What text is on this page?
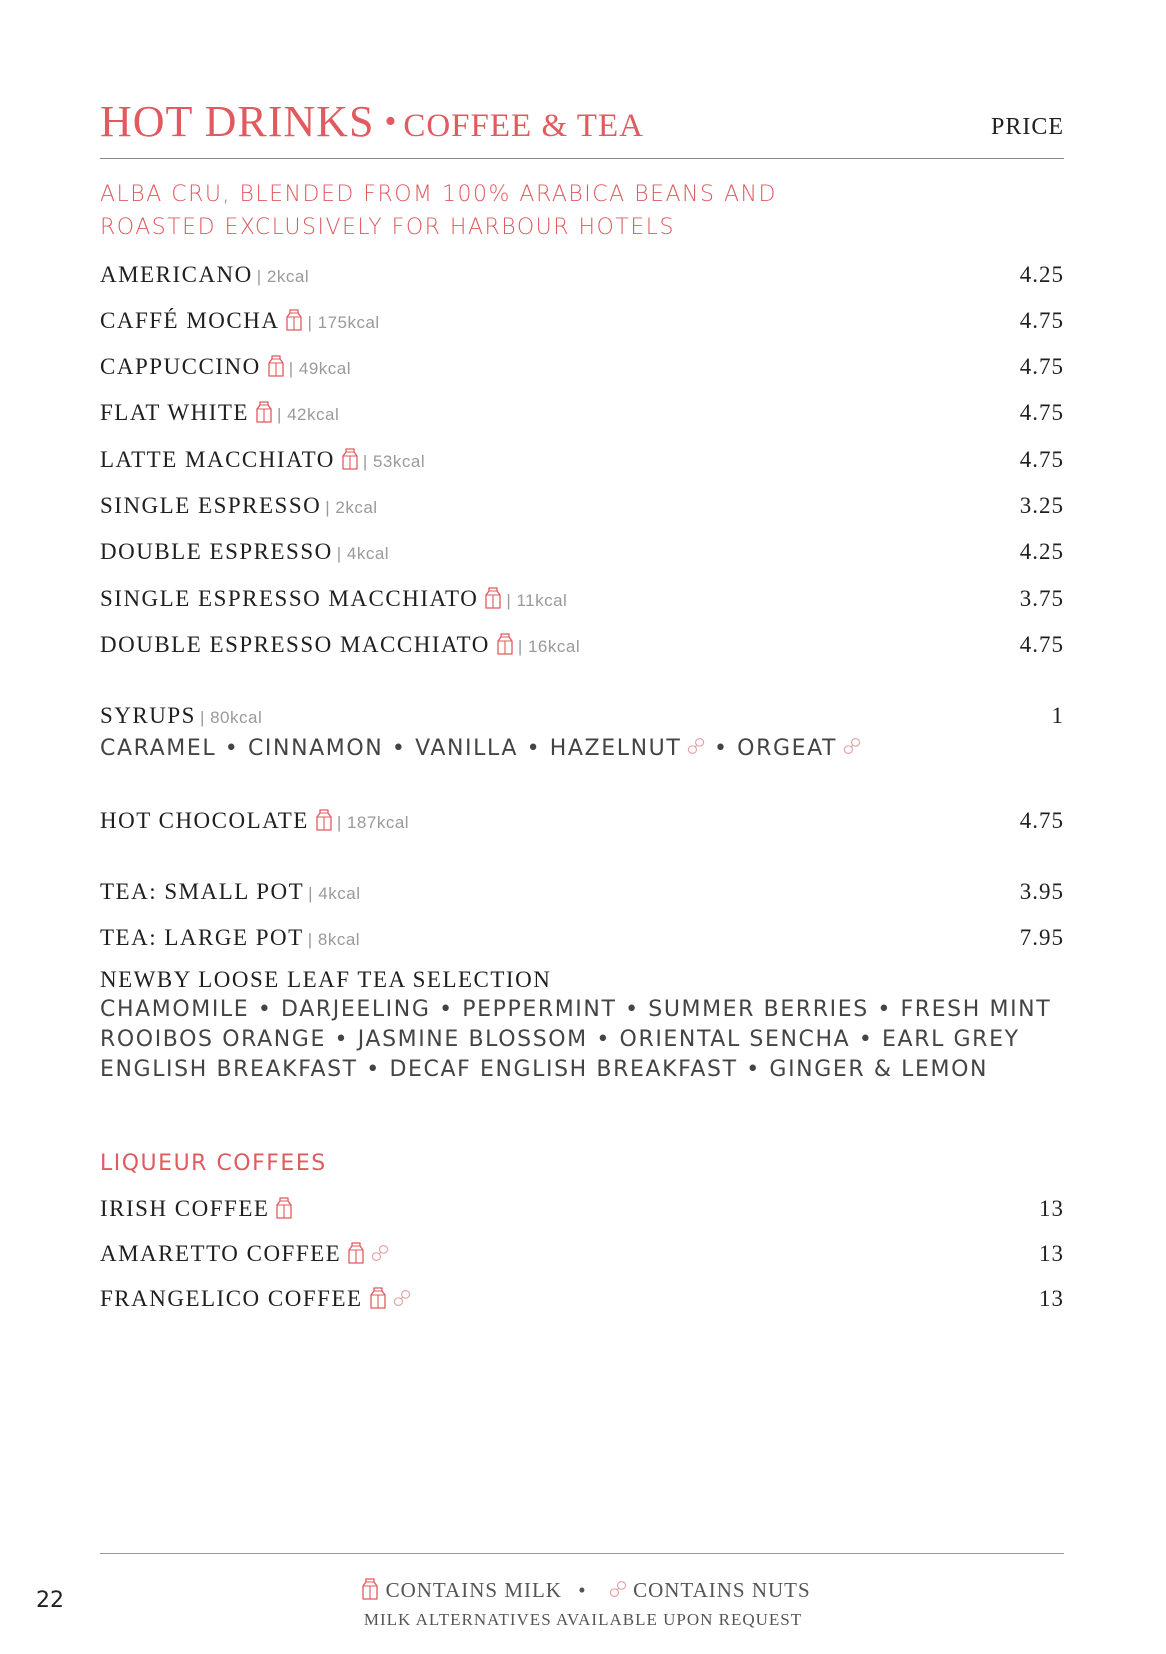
HOT DRINKS • COFFEE & TEA	PRICE
ALBA CRU, BLENDED FROM 100% ARABICA BEANS AND
ROASTED EXCLUSIVELY FOR HARBOUR HOTELS
AMERICANO | 2kcal	4.25
CAFFÉ MOCHA | 175kcal	4.75
CAPPUCCINO | 49kcal	4.75
FLAT WHITE | 42kcal	4.75
LATTE MACCHIATO | 53kcal	4.75
SINGLE ESPRESSO | 2kcal	3.25
DOUBLE ESPRESSO | 4kcal	4.25
SINGLE ESPRESSO MACCHIATO | 11kcal	3.75
DOUBLE ESPRESSO MACCHIATO | 16kcal	4.75
SYRUPS | 80kcal	1
CARAMEL • CINNAMON • VANILLA • HAZELNUT • ORGEAT
HOT CHOCOLATE | 187kcal	4.75
TEA: SMALL POT | 4kcal	3.95
TEA: LARGE POT | 8kcal	7.95
NEWBY LOOSE LEAF TEA SELECTION
CHAMOMILE • DARJEELING • PEPPERMINT • SUMMER BERRIES • FRESH MINT
ROOIBOS ORANGE • JASMINE BLOSSOM • ORIENTAL SENCHA • EARL GREY
ENGLISH BREAKFAST • DECAF ENGLISH BREAKFAST • GINGER & LEMON
LIQUEUR COFFEES
IRISH COFFEE	13
AMARETTO COFFEE	13
FRANGELICO COFFEE	13
22	CONTAINS MILK • CONTAINS NUTS
MILK ALTERNATIVES AVAILABLE UPON REQUEST
